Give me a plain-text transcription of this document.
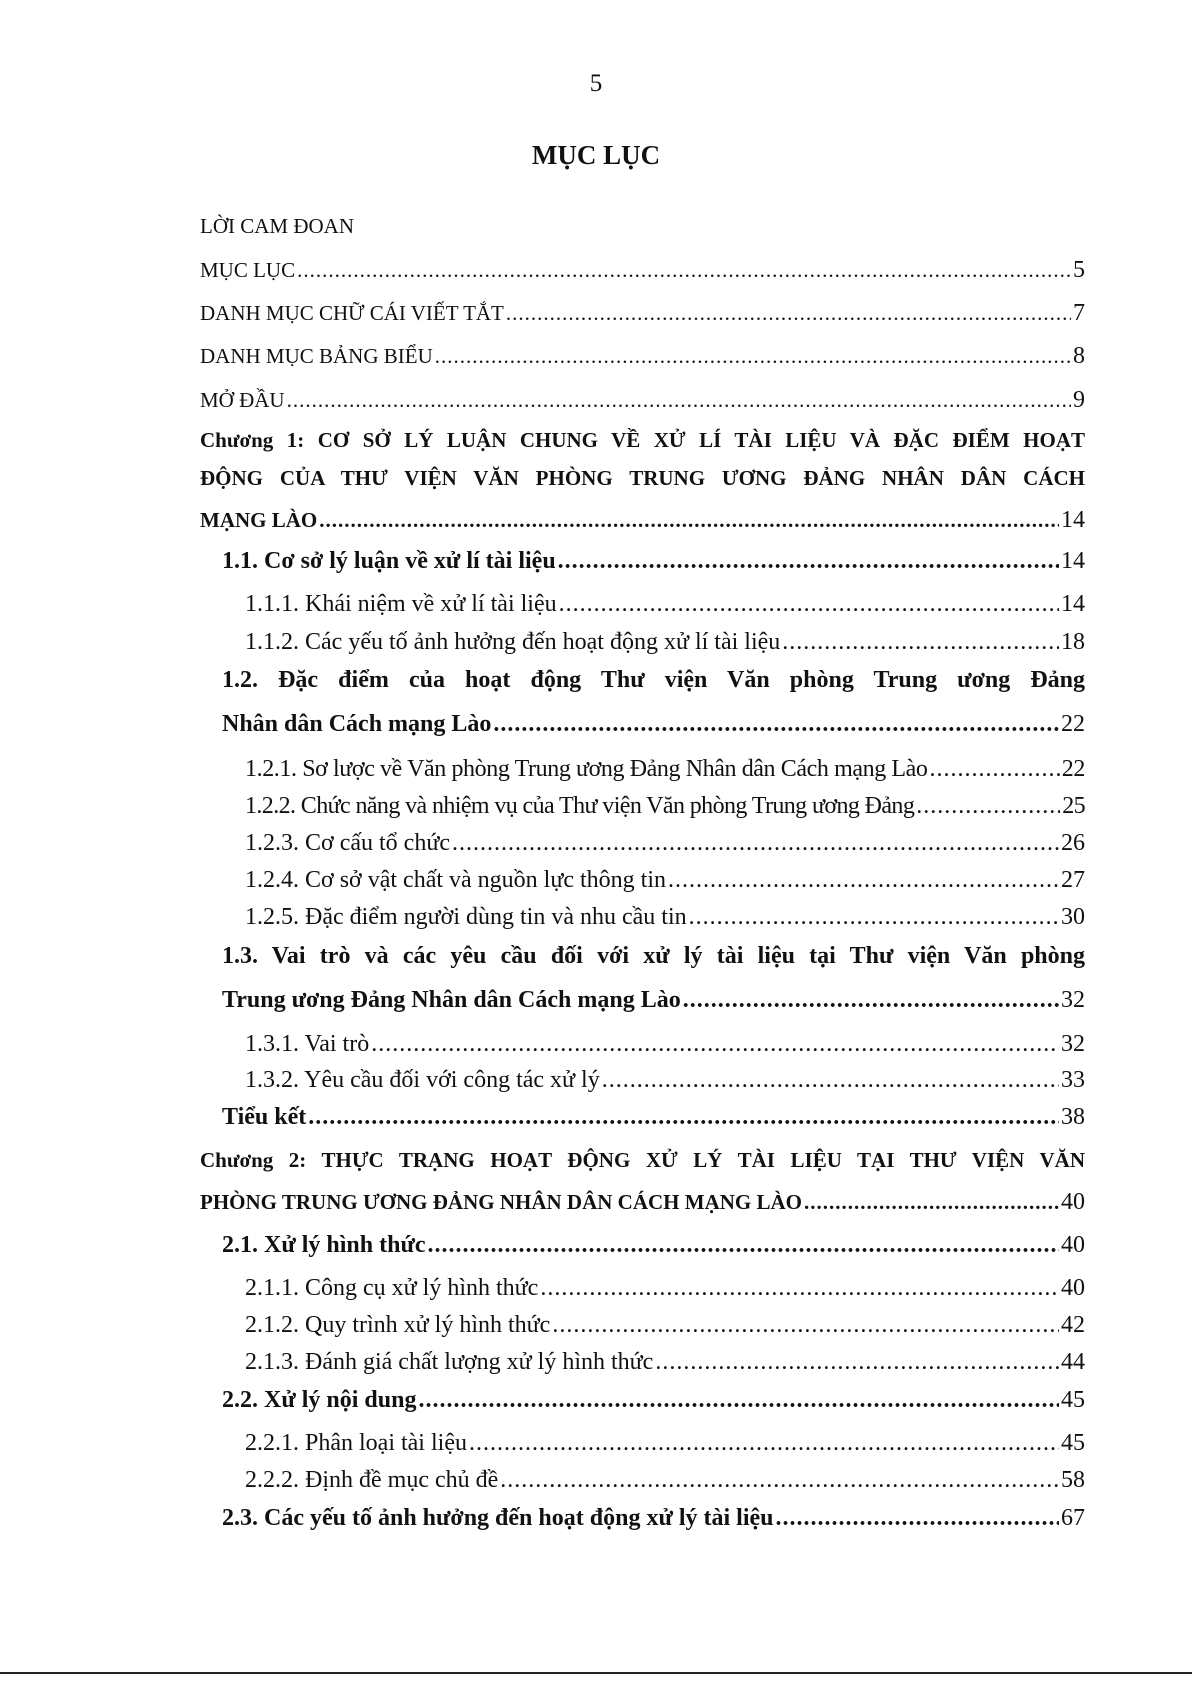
5
MỤC LỤC
LỜI CAM ĐOAN
MỤC LỤC .....	5
DANH MỤC CHỮ CÁI VIẾT TẮT .....	7
DANH MỤC BẢNG BIỂU .....	8
MỞ ĐẦU .....	9
Chương 1: CƠ SỞ LÝ LUẬN CHUNG VỀ XỬ LÍ TÀI LIỆU VÀ ĐẶC ĐIỂM HOẠT
ĐỘNG CỦA THƯ VIỆN VĂN PHÒNG TRUNG ƯƠNG ĐẢNG NHÂN DÂN CÁCH
MẠNG LÀO .....	14
1.1. Cơ sở lý luận về xử lí tài liệu .....	14
1.1.1. Khái niệm về xử lí tài liệu .....	14
1.1.2. Các yếu tố ảnh hưởng đến hoạt động xử lí tài liệu .....	18
1.2. Đặc điểm của hoạt động Thư viện Văn phòng Trung ương Đảng
Nhân dân Cách mạng Lào .....	22
1.2.1. Sơ lược về Văn phòng Trung ương Đảng Nhân dân Cách mạng Lào .....	22
1.2.2. Chức năng và nhiệm vụ của Thư viện Văn phòng Trung ương Đảng .....	25
1.2.3. Cơ cấu tổ chức .....	26
1.2.4. Cơ sở vật chất và nguồn lực thông tin .....	27
1.2.5. Đặc điểm người dùng tin và nhu cầu tin .....	30
1.3. Vai trò và các yêu cầu đối với xử lý tài liệu tại Thư viện Văn phòng
Trung ương Đảng Nhân dân Cách mạng Lào .....	32
1.3.1. Vai trò .....	32
1.3.2. Yêu cầu đối với công tác xử lý .....	33
Tiểu kết .....	38
Chương 2: THỰC TRẠNG HOẠT ĐỘNG XỬ LÝ TÀI LIỆU TẠI THƯ VIỆN VĂN
PHÒNG TRUNG ƯƠNG ĐẢNG NHÂN DÂN CÁCH MẠNG LÀO .....	40
2.1. Xử lý hình thức .....	40
2.1.1. Công cụ xử lý hình thức .....	40
2.1.2. Quy trình xử lý hình thức .....	42
2.1.3. Đánh giá chất lượng xử lý hình thức .....	44
2.2. Xử lý nội dung .....	45
2.2.1. Phân loại tài liệu .....	45
2.2.2. Định đề mục chủ đề .....	58
2.3. Các yếu tố ảnh hưởng đến hoạt động xử lý tài liệu .....	67
